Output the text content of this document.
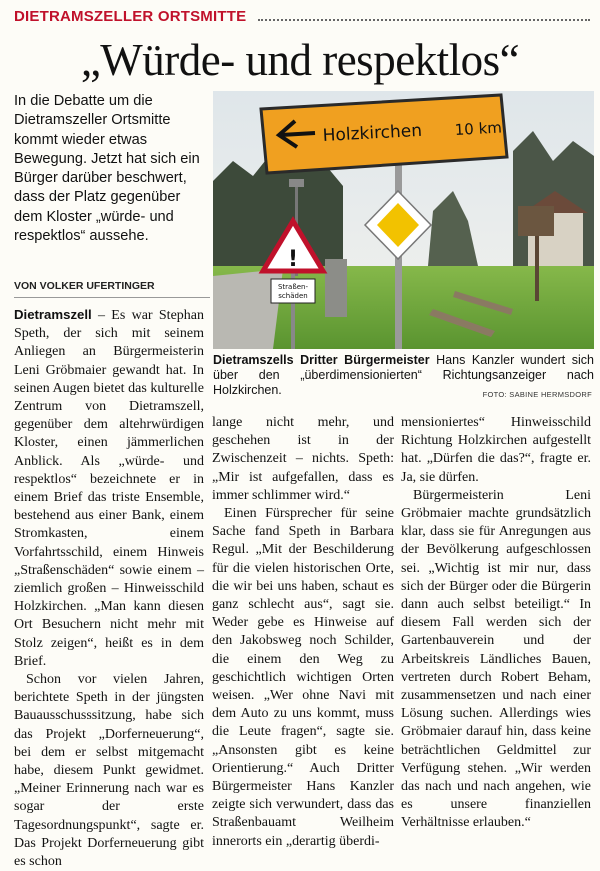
DIETRAMSZELLER ORTSMITTE
„Würde- und respektlos“
In die Debatte um die Dietramszeller Ortsmitte kommt wieder etwas Bewegung. Jetzt hat sich ein Bürger darüber beschwert, dass der Platz gegenüber dem Kloster „würde- und respektlos“ aussehe.
VON VOLKER UFERTINGER
Holzkirchen 10 km
!
Straßen-
schäden
Dietramszells Dritter Bürgermeister Hans Kanzler wundert sich über den „überdimensionierten“ Richtungsanzeiger nach Holzkirchen.	FOTO: SABINE HERMSDORF

Dietramszell – Es war Stephan Speth, der sich mit seinem Anliegen an Bürgermeisterin Leni Gröbmaier gewandt hat. In seinen Augen bietet das kulturelle Zentrum von Dietramszell, gegenüber dem altehrwürdigen Kloster, einen jämmerlichen Anblick. Als „würde- und respektlos“ bezeichnete er in einem Brief das triste Ensemble, bestehend aus einer Bank, einem Stromkasten, einem Vorfahrtsschild, einem Hinweis „Straßenschäden“ sowie einem – ziemlich großen – Hinweisschild Holzkirchen. „Man kann diesen Ort Besuchern nicht mehr mit Stolz zeigen“, heißt es in dem Brief.

Schon vor vielen Jahren, berichtete Speth in der jüngsten Bauausschusssitzung, habe sich das Projekt „Dorferneuerung“, bei dem er selbst mitgemacht habe, diesem Punkt gewidmet. „Meiner Erinnerung nach war es sogar der erste Tagesordnungspunkt“, sagte er. Das Projekt Dorferneuerung gibt es schon

lange nicht mehr, und geschehen ist in der Zwischenzeit – nichts. Speth: „Mir ist aufgefallen, dass es immer schlimmer wird.“

Einen Fürsprecher für seine Sache fand Speth in Barbara Regul. „Mit der Beschilderung für die vielen historischen Orte, die wir bei uns haben, schaut es ganz schlecht aus“, sagt sie. Weder gebe es Hinweise auf den Jakobsweg noch Schilder, die einem den Weg zu geschichtlich wichtigen Orten weisen. „Wer ohne Navi mit dem Auto zu uns kommt, muss die Leute fragen“, sagte sie. „Ansonsten gibt es keine Orientierung.“ Auch Dritter Bürgermeister Hans Kanzler zeigte sich verwundert, dass das Straßenbauamt Weilheim innerorts ein „derartig überdi-

mensioniertes“ Hinweisschild Richtung Holzkirchen aufgestellt hat. „Dürfen die das?“, fragte er. Ja, sie dürfen.

Bürgermeisterin Leni Gröbmaier machte grundsätzlich klar, dass sie für Anregungen aus der Bevölkerung aufgeschlossen sei. „Wichtig ist mir nur, dass sich der Bürger oder die Bürgerin dann auch selbst beteiligt.“ In diesem Fall werden sich der Gartenbauverein und der Arbeitskreis Ländliches Bauen, vertreten durch Robert Beham, zusammensetzen und nach einer Lösung suchen. Allerdings wies Gröbmaier darauf hin, dass keine beträchtlichen Geldmittel zur Verfügung stehen. „Wir werden das nach und nach angehen, wie es unsere finanziellen Verhältnisse erlauben.“
